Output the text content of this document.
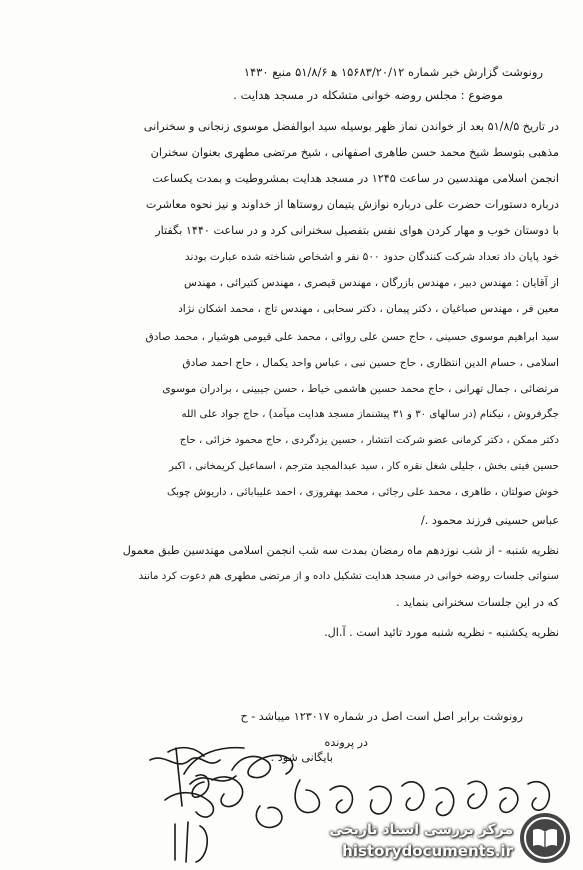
رونوشت گزارش خبر شماره ۱۵۶۸۳/۲۰/۱۲ ه‍ ۵۱/۸/۶ منبع ۱۴۳۰
موضوع : مجلس روضه خوانی متشکله در مسجد هدایت .
در تاریخ ۵۱/۸/۵ بعد از خواندن نماز ظهر بوسیله سید ابوالفضل موسوی زنجانی و سخنرانی
مذهبی بتوسط شیخ محمد حسن طاهری اصفهانی ، شیخ مرتضی مطهری بعنوان سخنران
انجمن اسلامی مهندسین در ساعت ۱۲۴۵ در مسجد هدایت بمشروطیت و بمدت یکساعت
درباره دستورات حضرت علی درباره نوازش یتیمان روستاها از خداوند و نیز نحوه معاشرت
با دوستان خوب و مهار کردن هوای نفس بتفصیل سخنرانی کرد و در ساعت ۱۴۴۰ بگفتار
خود پایان داد تعداد شرکت کنندگان حدود ۵۰۰ نفر و اشخاص شناخته شده عبارت بودند
از آقایان : مهندس دبیر ، مهندس بازرگان ، مهندس قیصری ، مهندس کتیرائی ، مهندس
معین فر ، مهندس صباغیان ، دکتر پیمان ، دکتر سحابی ، مهندس تاج ، محمد اشکان نژاد
سید ابراهیم موسوی حسینی ، حاج حسن علی روائی ، محمد علی قیومی هوشیار ، محمد صادق
اسلامی ، حسام الدین انتظاری ، حاج حسین نبی ، عباس واحد یکمال ، حاج احمد صادق
مرتضائی ، جمال تهرانی ، حاج محمد حسین هاشمی خیاط ، حسن جیبینی ، برادران موسوی
جگرفروش ، نیکنام (در سالهای ۳۰ و ۳۱ پیشنماز مسجد هدایت میآمد) ، حاج جواد علی الله
دکتر ممکن ، دکتر کرمانی عضو شرکت انتشار ، حسین یزدگردی ، حاج محمود خزائی ، حاج
حسین فیتی بخش ، جلیلی شغل نقره کار ، سید عبدالمجید مترجم ، اسماعیل کریمخانی ، اکبر
خوش صولتان ، طاهری ، محمد علی رجائی ، محمد بهفروزی ، احمد علیبابائی ، داریوش چوبک
عباس حسینی فرزند محمود ./
نظریه شنبه - از شب نوزدهم ماه رمضان بمدت سه شب انجمن اسلامی مهندسین طبق معمول
سنواتی جلسات روضه خوانی در مسجد هدایت تشکیل داده و از مرتضی مطهری هم دعوت کرد مانند
که در این جلسات سخنرانی بنماید .
نظریه یکشنبه - نظریه شنبه مورد تائید است . آ.ال.
رونوشت برابر اصل است اصل در شماره ۱۲۳۰۱۷ میباشد - ح
در پرونده
بایگانی شود .
مرکز بررسی اسناد تاریخی
historydocuments.ir
